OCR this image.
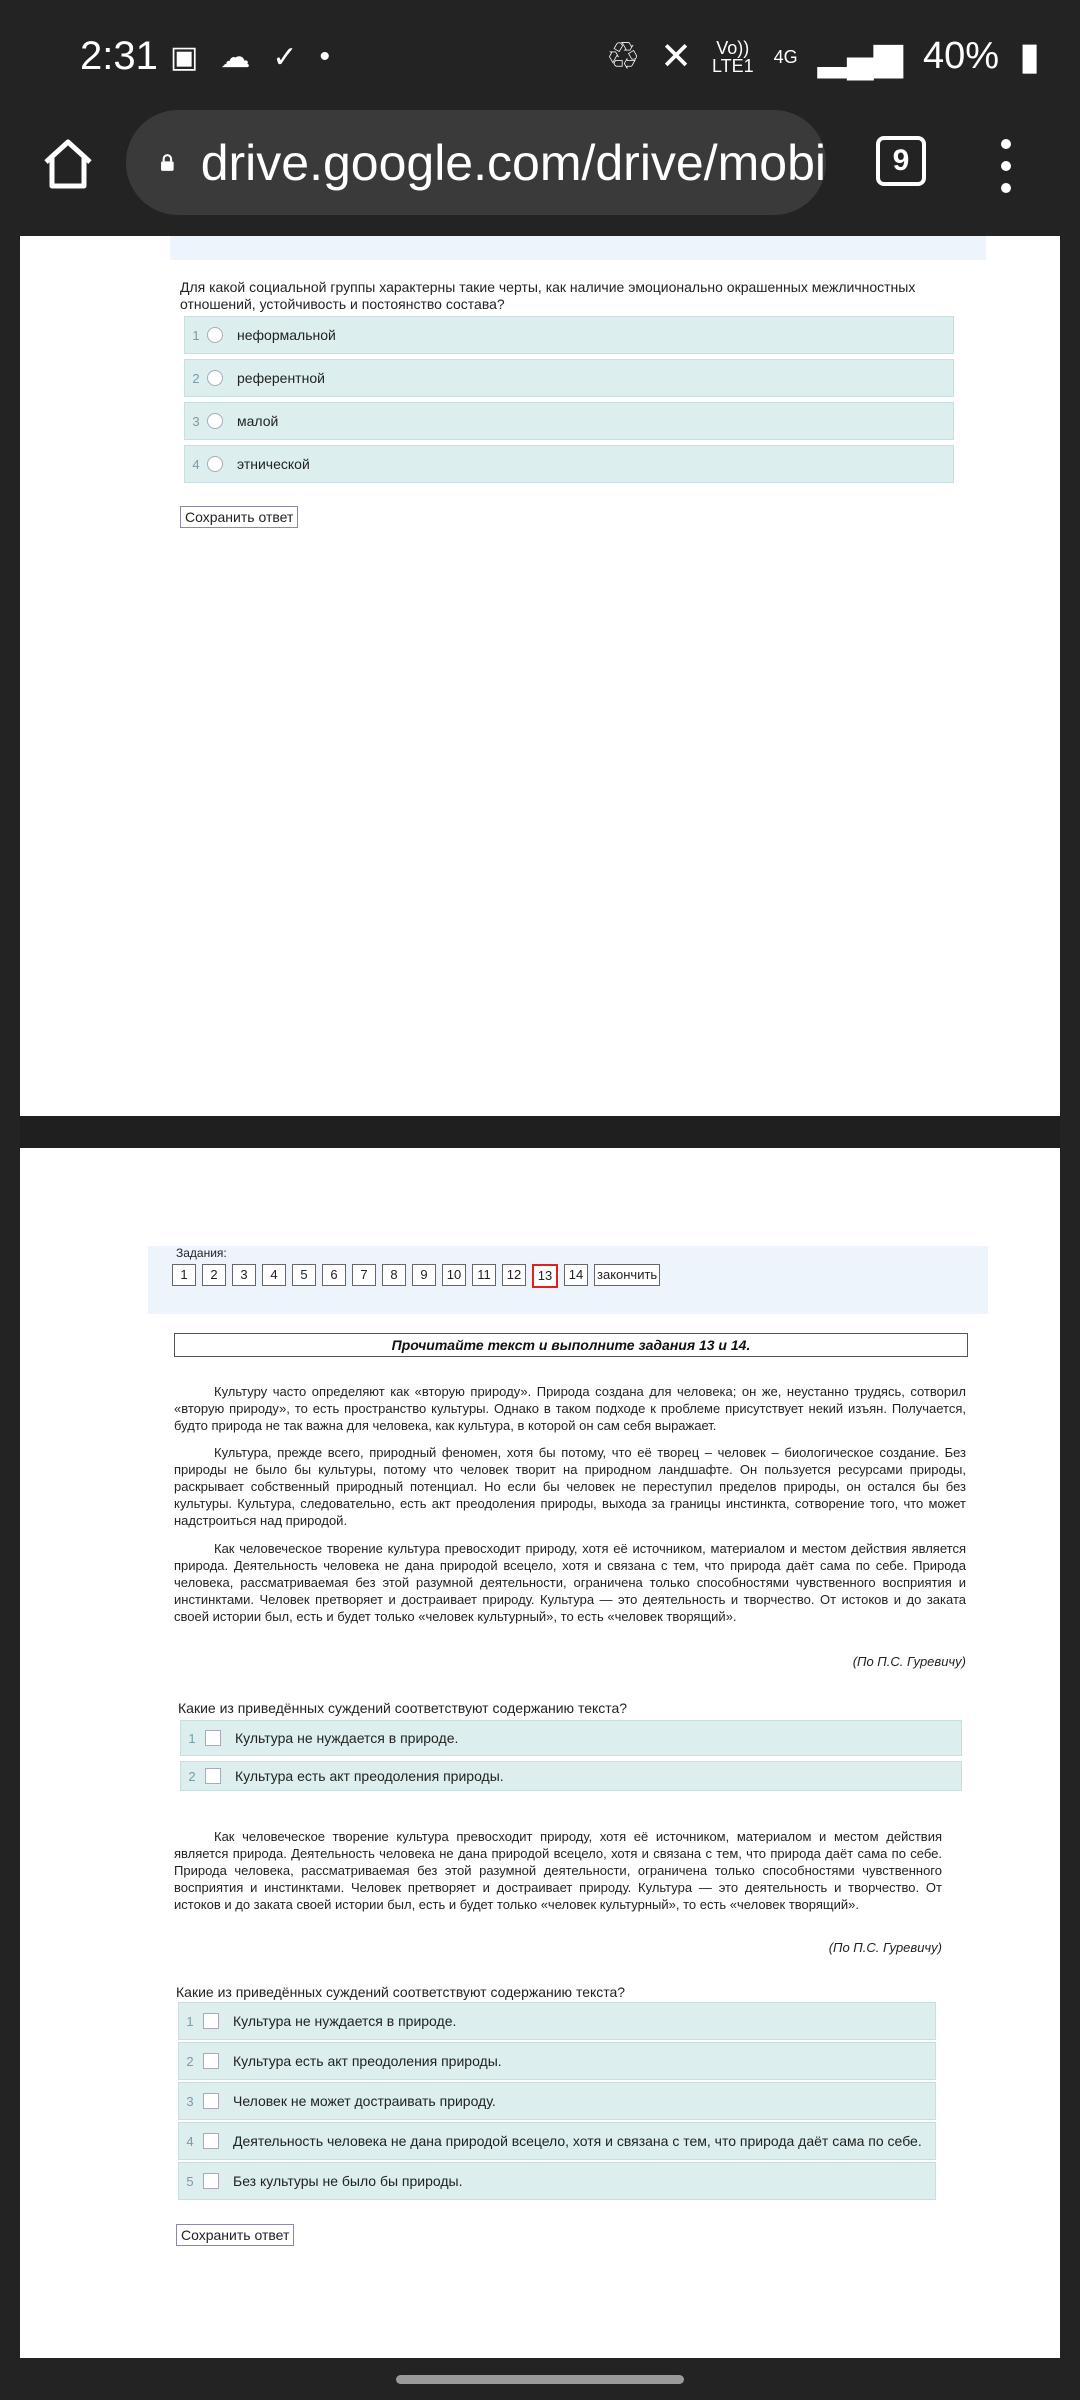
2:31 ▣ ☁ ✓ •	♲ ✕ Vo))
LTE1 4G ▂▄▆ 40% ▮
drive.google.com/drive/mobi	9
Для какой социальной группы характерны такие черты, как наличие эмоционально окрашенных межличностных отношений, устойчивость и постоянство состава?
1	неформальной
2	референтной
3	малой
4	этнической
Сохранить ответ
Задания:
1	2	3	4	5	6	7	8	9	10	11	12	13	14	закончить
Прочитайте текст и выполните задания 13 и 14.
Культуру часто определяют как «вторую природу». Природа создана для человека; он же, неустанно трудясь, сотворил «вторую природу», то есть пространство культуры. Однако в таком подходе к проблеме присутствует некий изъян. Получается, будто природа не так важна для человека, как культура, в которой он сам себя выражает.
Культура, прежде всего, природный феномен, хотя бы потому, что её творец – человек – биологическое создание. Без природы не было бы культуры, потому что человек творит на природном ландшафте. Он пользуется ресурсами природы, раскрывает собственный природный потенциал. Но если бы человек не переступил пределов природы, он остался бы без культуры. Культура, следовательно, есть акт преодоления природы, выхода за границы инстинкта, сотворение того, что может надстроиться над природой.
Как человеческое творение культура превосходит природу, хотя её источником, материалом и местом действия является природа. Деятельность человека не дана природой всецело, хотя и связана с тем, что природа даёт сама по себе. Природа человека, рассматриваемая без этой разумной деятельности, ограничена только способностями чувственного восприятия и инстинктами. Человек претворяет и достраивает природу. Культура — это деятельность и творчество. От истоков и до заката своей истории был, есть и будет только «человек культурный», то есть «человек творящий».
(По П.С. Гуревичу)
Какие из приведённых суждений соответствуют содержанию текста?
1	Культура не нуждается в природе.
2	Культура есть акт преодоления природы.
Как человеческое творение культура превосходит природу, хотя её источником, материалом и местом действия является природа. Деятельность человека не дана природой всецело, хотя и связана с тем, что природа даёт сама по себе. Природа человека, рассматриваемая без этой разумной деятельности, ограничена только способностями чувственного восприятия и инстинктами. Человек претворяет и достраивает природу. Культура — это деятельность и творчество. От истоков и до заката своей истории был, есть и будет только «человек культурный», то есть «человек творящий».
(По П.С. Гуревичу)
Какие из приведённых суждений соответствуют содержанию текста?
1	Культура не нуждается в природе.
2	Культура есть акт преодоления природы.
3	Человек не может достраивать природу.
4	Деятельность человека не дана природой всецело, хотя и связана с тем, что природа даёт сама по себе.
5	Без культуры не было бы природы.
Сохранить ответ
